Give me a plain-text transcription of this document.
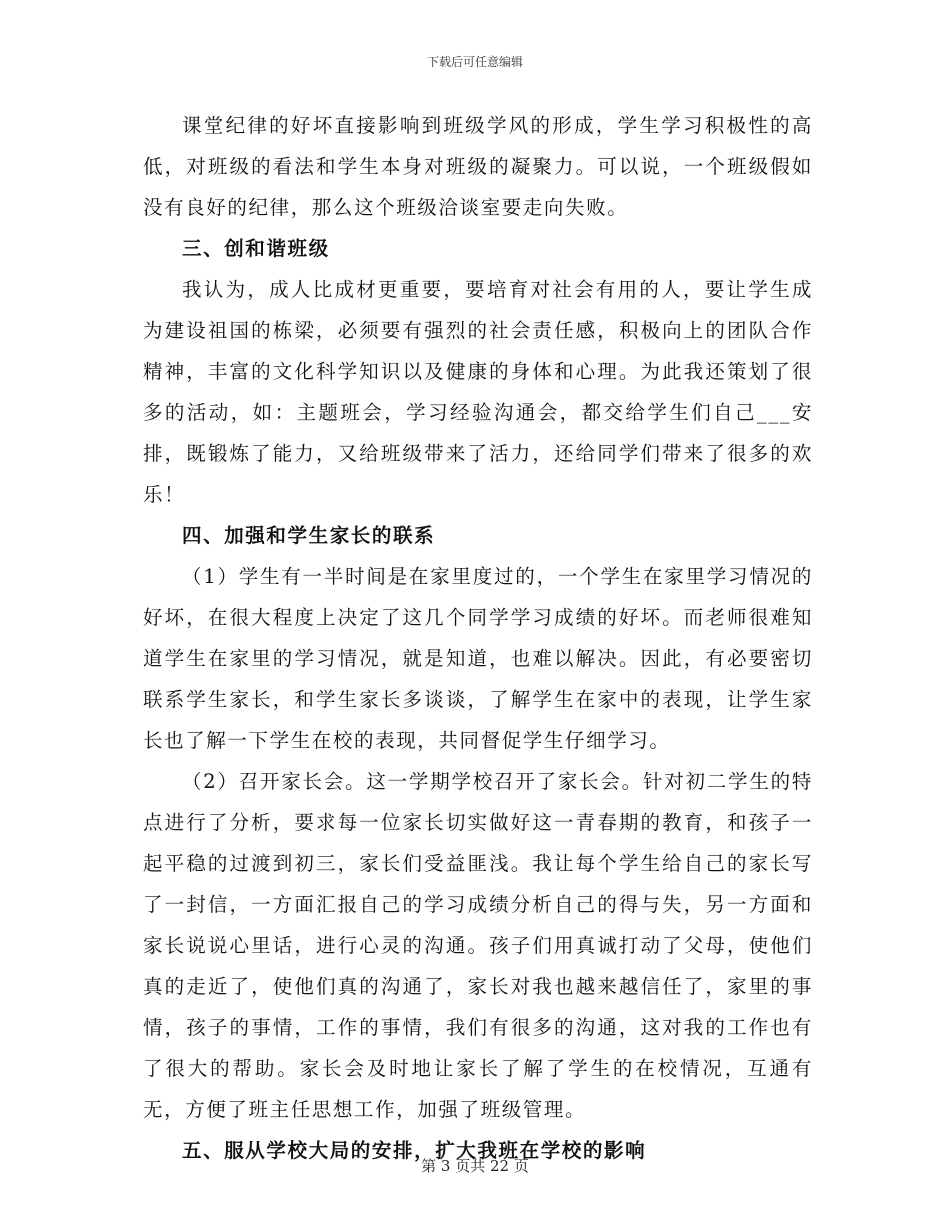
下载后可任意编辑

课堂纪律的好坏直接影响到班级学风的形成，学生学习积极性的高低，对班级的看法和学生本身对班级的凝聚力。可以说，一个班级假如没有良好的纪律，那么这个班级洽谈室要走向失败。

三、创和谐班级

我认为，成人比成材更重要，要培育对社会有用的人，要让学生成为建设祖国的栋梁，必须要有强烈的社会责任感，积极向上的团队合作精神，丰富的文化科学知识以及健康的身体和心理。为此我还策划了很多的活动，如：主题班会，学习经验沟通会，都交给学生们自己___安排，既锻炼了能力，又给班级带来了活力，还给同学们带来了很多的欢乐！

四、加强和学生家长的联系

（1）学生有一半时间是在家里度过的，一个学生在家里学习情况的好坏，在很大程度上决定了这几个同学学习成绩的好坏。而老师很难知道学生在家里的学习情况，就是知道，也难以解决。因此，有必要密切联系学生家长，和学生家长多谈谈，了解学生在家中的表现，让学生家长也了解一下学生在校的表现，共同督促学生仔细学习。

（2）召开家长会。这一学期学校召开了家长会。针对初二学生的特点进行了分析，要求每一位家长切实做好这一青春期的教育，和孩子一起平稳的过渡到初三，家长们受益匪浅。我让每个学生给自己的家长写了一封信，一方面汇报自己的学习成绩分析自己的得与失，另一方面和家长说说心里话，进行心灵的沟通。孩子们用真诚打动了父母，使他们真的走近了，使他们真的沟通了，家长对我也越来越信任了，家里的事情，孩子的事情，工作的事情，我们有很多的沟通，这对我的工作也有了很大的帮助。家长会及时地让家长了解了学生的在校情况，互通有无，方便了班主任思想工作，加强了班级管理。

五、服从学校大局的安排，扩大我班在学校的影响

第 3 页共 22 页
